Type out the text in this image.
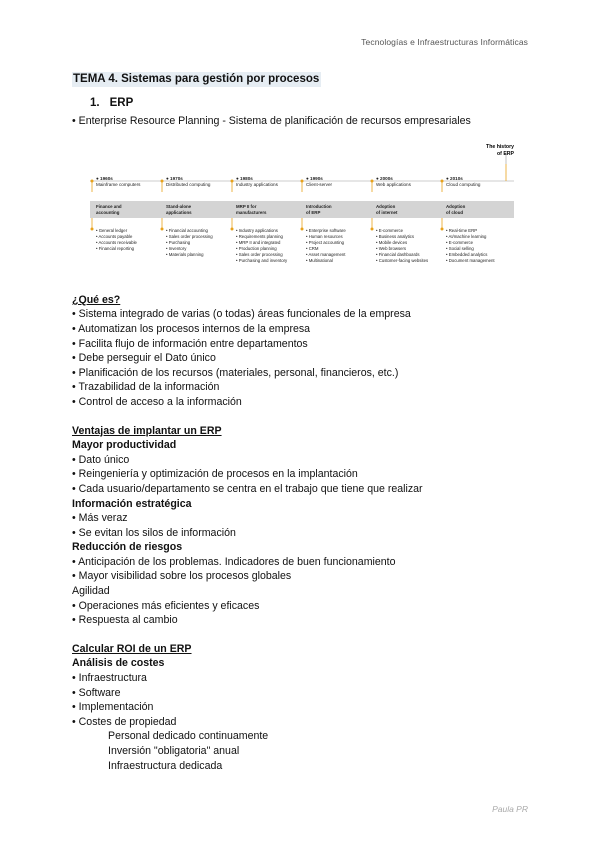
Tecnologías e Infraestructuras Informáticas
TEMA 4. Sistemas para gestión por procesos
1. ERP
• Enterprise Resource Planning - Sistema de planificación de recursos empresariales
The history
of ERP
● 1960s
Mainframe computers
Finance and
accounting
• General ledger
• Accounts payable
• Accounts receivable
• Financial reporting
● 1970s
Distributed computing
Stand-alone
applications
• Financial accounting
• Sales order processing
• Purchasing
• Inventory
• Materials planning
● 1980s
Industry applications
MRP II for
manufacturers
• Industry applications
• Requirements planning
• MRP II and integrated
• Production planning
• Sales order processing
• Purchasing and inventory
● 1990s
Client-server
Introduction
of ERP
• Enterprise software
• Human resources
• Project accounting
• CRM
• Asset management
• Multinational
● 2000s
Web applications
Adoption
of internet
• E-commerce
• Business analytics
• Mobile devices
• Web browsers
• Financial dashboards
• Customer-facing websites
● 2010s
Cloud computing
Adoption
of cloud
• Real-time ERP
• AI/machine learning
• E-commerce
• Social selling
• Embedded analytics
• Document management
¿Qué es?
• Sistema integrado de varias (o todas) áreas funcionales de la empresa
• Automatizan los procesos internos de la empresa
• Facilita flujo de información entre departamentos
• Debe perseguir el Dato único
• Planificación de los recursos (materiales, personal, financieros, etc.)
• Trazabilidad de la información
• Control de acceso a la información
Ventajas de implantar un ERP
Mayor productividad
• Dato único
• Reingeniería y optimización de procesos en la implantación
• Cada usuario/departamento se centra en el trabajo que tiene que realizar
Información estratégica
• Más veraz
• Se evitan los silos de información
Reducción de riesgos
• Anticipación de los problemas. Indicadores de buen funcionamiento
• Mayor visibilidad sobre los procesos globales
Agilidad
• Operaciones más eficientes y eficaces
• Respuesta al cambio
Calcular ROI de un ERP
Análisis de costes
• Infraestructura
• Software
• Implementación
• Costes de propiedad
Personal dedicado continuamente
Inversión "obligatoria" anual
Infraestructura dedicada
Paula PR
